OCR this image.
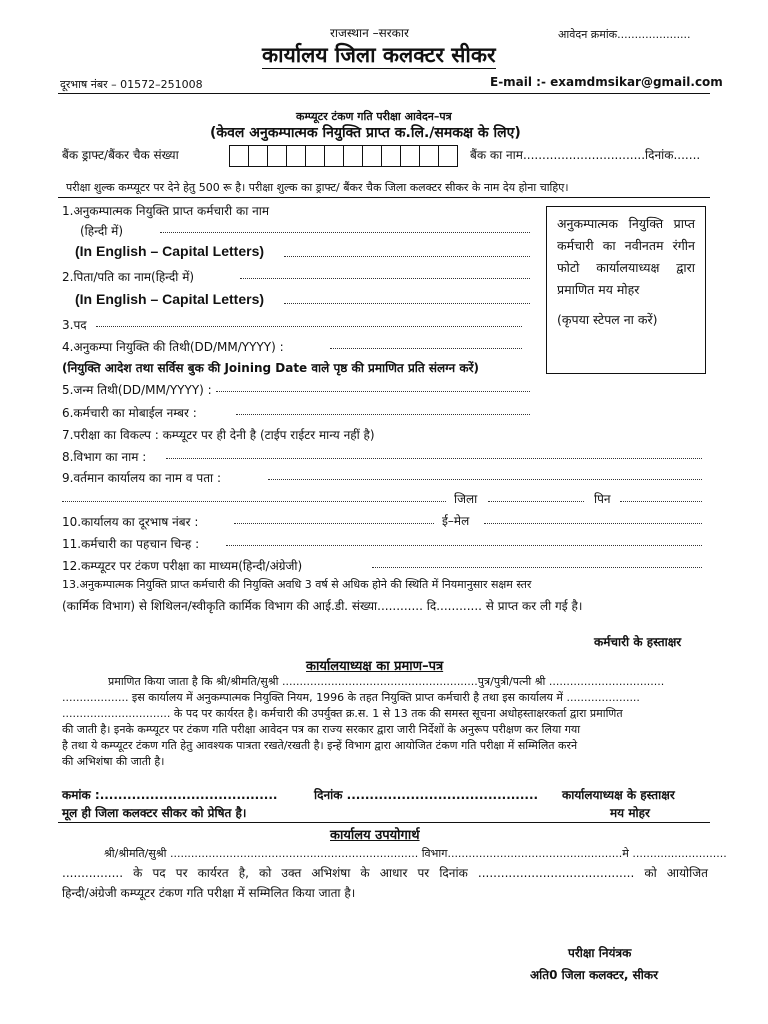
राजस्थान –सरकार	आवेदन क्रमांक.....................
कार्यालय जिला कलक्टर सीकर
दूरभाष नंबर – 01572–251008	E-mail :- examdmsikar@gmail.com
कम्प्यूटर टंकण गति परीक्षा आवेदन–पत्र
(केवल अनुकम्पात्मक नियुक्ति प्राप्त क.लि./समकक्ष के लिए)
बैंक ड्राफ्ट/बैंकर चैक संख्या	बैंक का नाम................................दिनांक.......
परीक्षा शुल्क कम्प्यूटर पर देने हेतु 500 रू है। परीक्षा शुल्क का ड्राफ्ट/ बैंकर चैक जिला कलक्टर सीकर के नाम देय होना चाहिए।
अनुकम्पात्मक नियुक्ति प्राप्त कर्मचारी का नवीनतम रंगीन फोटो कार्यालयाध्यक्ष द्वारा प्रमाणित मय मोहर
(कृपया स्टेपल ना करें)
1.अनुकम्पात्मक नियुक्ति प्राप्त कर्मचारी का नाम
(हिन्दी में)
(In English – Capital Letters)
2.पिता/पति का नाम(हिन्दी में)
(In English – Capital Letters)
3.पद
4.अनुकम्पा नियुक्ति की तिथी(DD/MM/YYYY) :
(नियुक्ति आदेश तथा सर्विस बुक की Joining Date वाले पृष्ठ की प्रमाणित प्रति संलग्न करें)
5.जन्म तिथी(DD/MM/YYYY) :
6.कर्मचारी का मोबाईल नम्बर :
7.परीक्षा का विकल्प : कम्प्यूटर पर ही देनी है (टाईप राईटर मान्य नहीं है)
8.विभाग का नाम :
9.वर्तमान कार्यालय का नाम व पता :
जिला	पिन
10.कार्यालय का दूरभाष नंबर :	ई–मेल
11.कर्मचारी का पहचान चिन्ह :
12.कम्प्यूटर पर टंकण परीक्षा का माध्यम(हिन्दी/अंग्रेजी)
13.अनुकम्पात्मक नियुक्ति प्राप्त कर्मचारी की नियुक्ति अवधि 3 वर्ष से अधिक होने की स्थिति में नियमानुसार सक्षम स्तर
(कार्मिक विभाग) से शिथिलन/स्वीकृति कार्मिक विभाग की आई.डी. संख्या............ दि............ से प्राप्त कर ली गई है।
कर्मचारी के हस्ताक्षर
कार्यालयाध्यक्ष का प्रमाण–पत्र
प्रमाणित किया जाता है कि श्री/श्रीमति/सुश्री ........................................................पुत्र/पुत्री/पत्नी श्री .................................
................... इस कार्यालय में अनुकम्पात्मक नियुक्ति नियम, 1996 के तहत नियुक्ति प्राप्त कर्मचारी है तथा इस कार्यालय में .....................
............................... के पद पर कार्यरत है। कर्मचारी की उपर्युक्त क्र.स. 1 से 13 तक की समस्त सूचना अधोहस्ताक्षरकर्ता द्वारा प्रमाणित
की जाती है। इनके कम्प्यूटर पर टंकण गति परीक्षा आवेदन पत्र का राज्य सरकार द्वारा जारी निर्देशों के अनुरूप परीक्षण कर लिया गया
है तथा ये कम्प्यूटर टंकण गति हेतु आवश्यक पात्रता रखते/रखती है। इन्हें विभाग द्वारा आयोजित टंकण गति परीक्षा में सम्मिलित करने
की अभिशंषा की जाती है।
कमांक :.......................................	दिनांक .......................................... कार्यालयाध्यक्ष के हस्ताक्षर
मूल ही जिला कलक्टर सीकर को प्रेषित है।	मय मोहर
कार्यालय उपयोगार्थ
श्री/श्रीमति/सुश्री ....................................................................... विभाग..................................................मे ...........................
................ के पद पर कार्यरत है, को उक्त अभिशंषा के आधार पर दिनांक ......................................... को आयोजित
हिन्दी/अंग्रेजी कम्प्यूटर टंकण गति परीक्षा में सम्मिलित किया जाता है।
परीक्षा नियंत्रक
अति0 जिला कलक्टर, सीकर
